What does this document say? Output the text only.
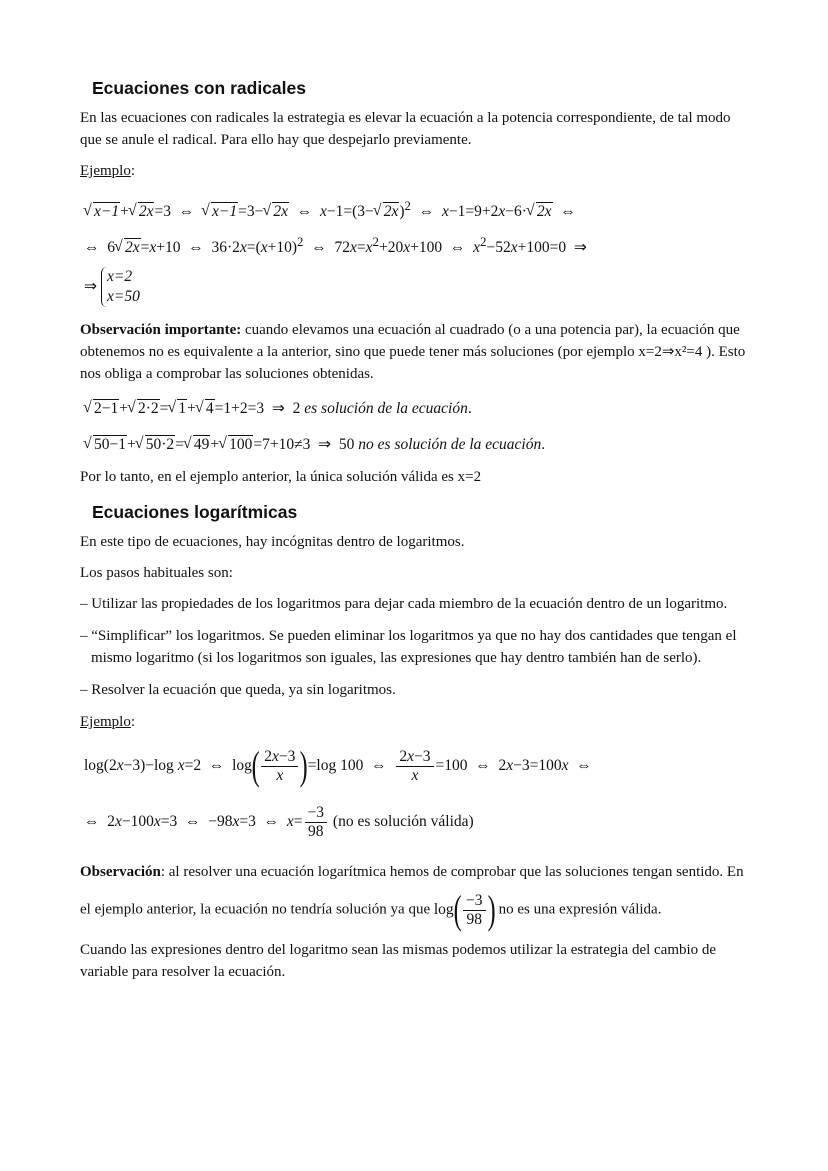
Ecuaciones con radicales

En las ecuaciones con radicales la estrategia es elevar la ecuación a la potencia correspondiente, de tal modo que se anule el radical. Para ello hay que despejarlo previamente.

Ejemplo:

√ x−1+ √ 2x=3  ⇔  √ x−1=3− √ 2x  ⇔  x−1=(3− √ 2x)$^2$  ⇔  x−1=9+2x−6· √ 2x  ⇔
⇔  6 √ 2x=x+10  ⇔  $36\cdot 2x=(x+10)^2$  ⇔  $72x=x^2+20x+100$  ⇔  $x^2-52x+100=0$  ⇒
⇒
x=2
x=50

Observación importante: cuando elevamos una ecuación al cuadrado (o a una potencia par), la ecuación que obtenemos no es equivalente a la anterior, sino que puede tener más soluciones (por ejemplo x=2⇒x²=4 ). Esto nos obliga a comprobar las soluciones obtenidas.

√ 2−1+ √ 2·2= √ 1+ √ 4=1+2=3  ⇒  2 es solución de la ecuación.
√ 50−1+ √ 50·2= √ 49+ √ 100=7+10≠3  ⇒  50 no es solución de la ecuación.

Por lo tanto, en el ejemplo anterior, la única solución válida es x=2

Ecuaciones logarítmicas

En este tipo de ecuaciones, hay incógnitas dentro de logaritmos.

Los pasos habituales son:

– Utilizar las propiedades de los logaritmos para dejar cada miembro de la ecuación dentro de un logaritmo.
– “Simplificar” los logaritmos. Se pueden eliminar los logaritmos ya que no hay dos cantidades que tengan el mismo logaritmo (si los logaritmos son iguales, las expresiones que hay dentro también han de serlo).
– Resolver la ecuación que queda, ya sin logaritmos.

Ejemplo:

log(2x−3)−log x=2  ⇔  $\log( \frac{2x-3}{x} )=\log$ 100  ⇔ $\frac{2x-3}{x} =100$  ⇔  2x−3=100x  ⇔
⇔  2x−100x=3  ⇔  −98x=3  ⇔  $x= \frac{-3}{98} (no$ es solución válida)

Observación: al resolver una ecuación logarítmica hemos de comprobar que las soluciones tengan sentido. En el ejemplo anterior, la ecuación no tendría solución ya que $\log( \frac{-3}{98}$ ) no es una expresión válida.

Cuando las expresiones dentro del logaritmo sean las mismas podemos utilizar la estrategia del cambio de variable para resolver la ecuación.
